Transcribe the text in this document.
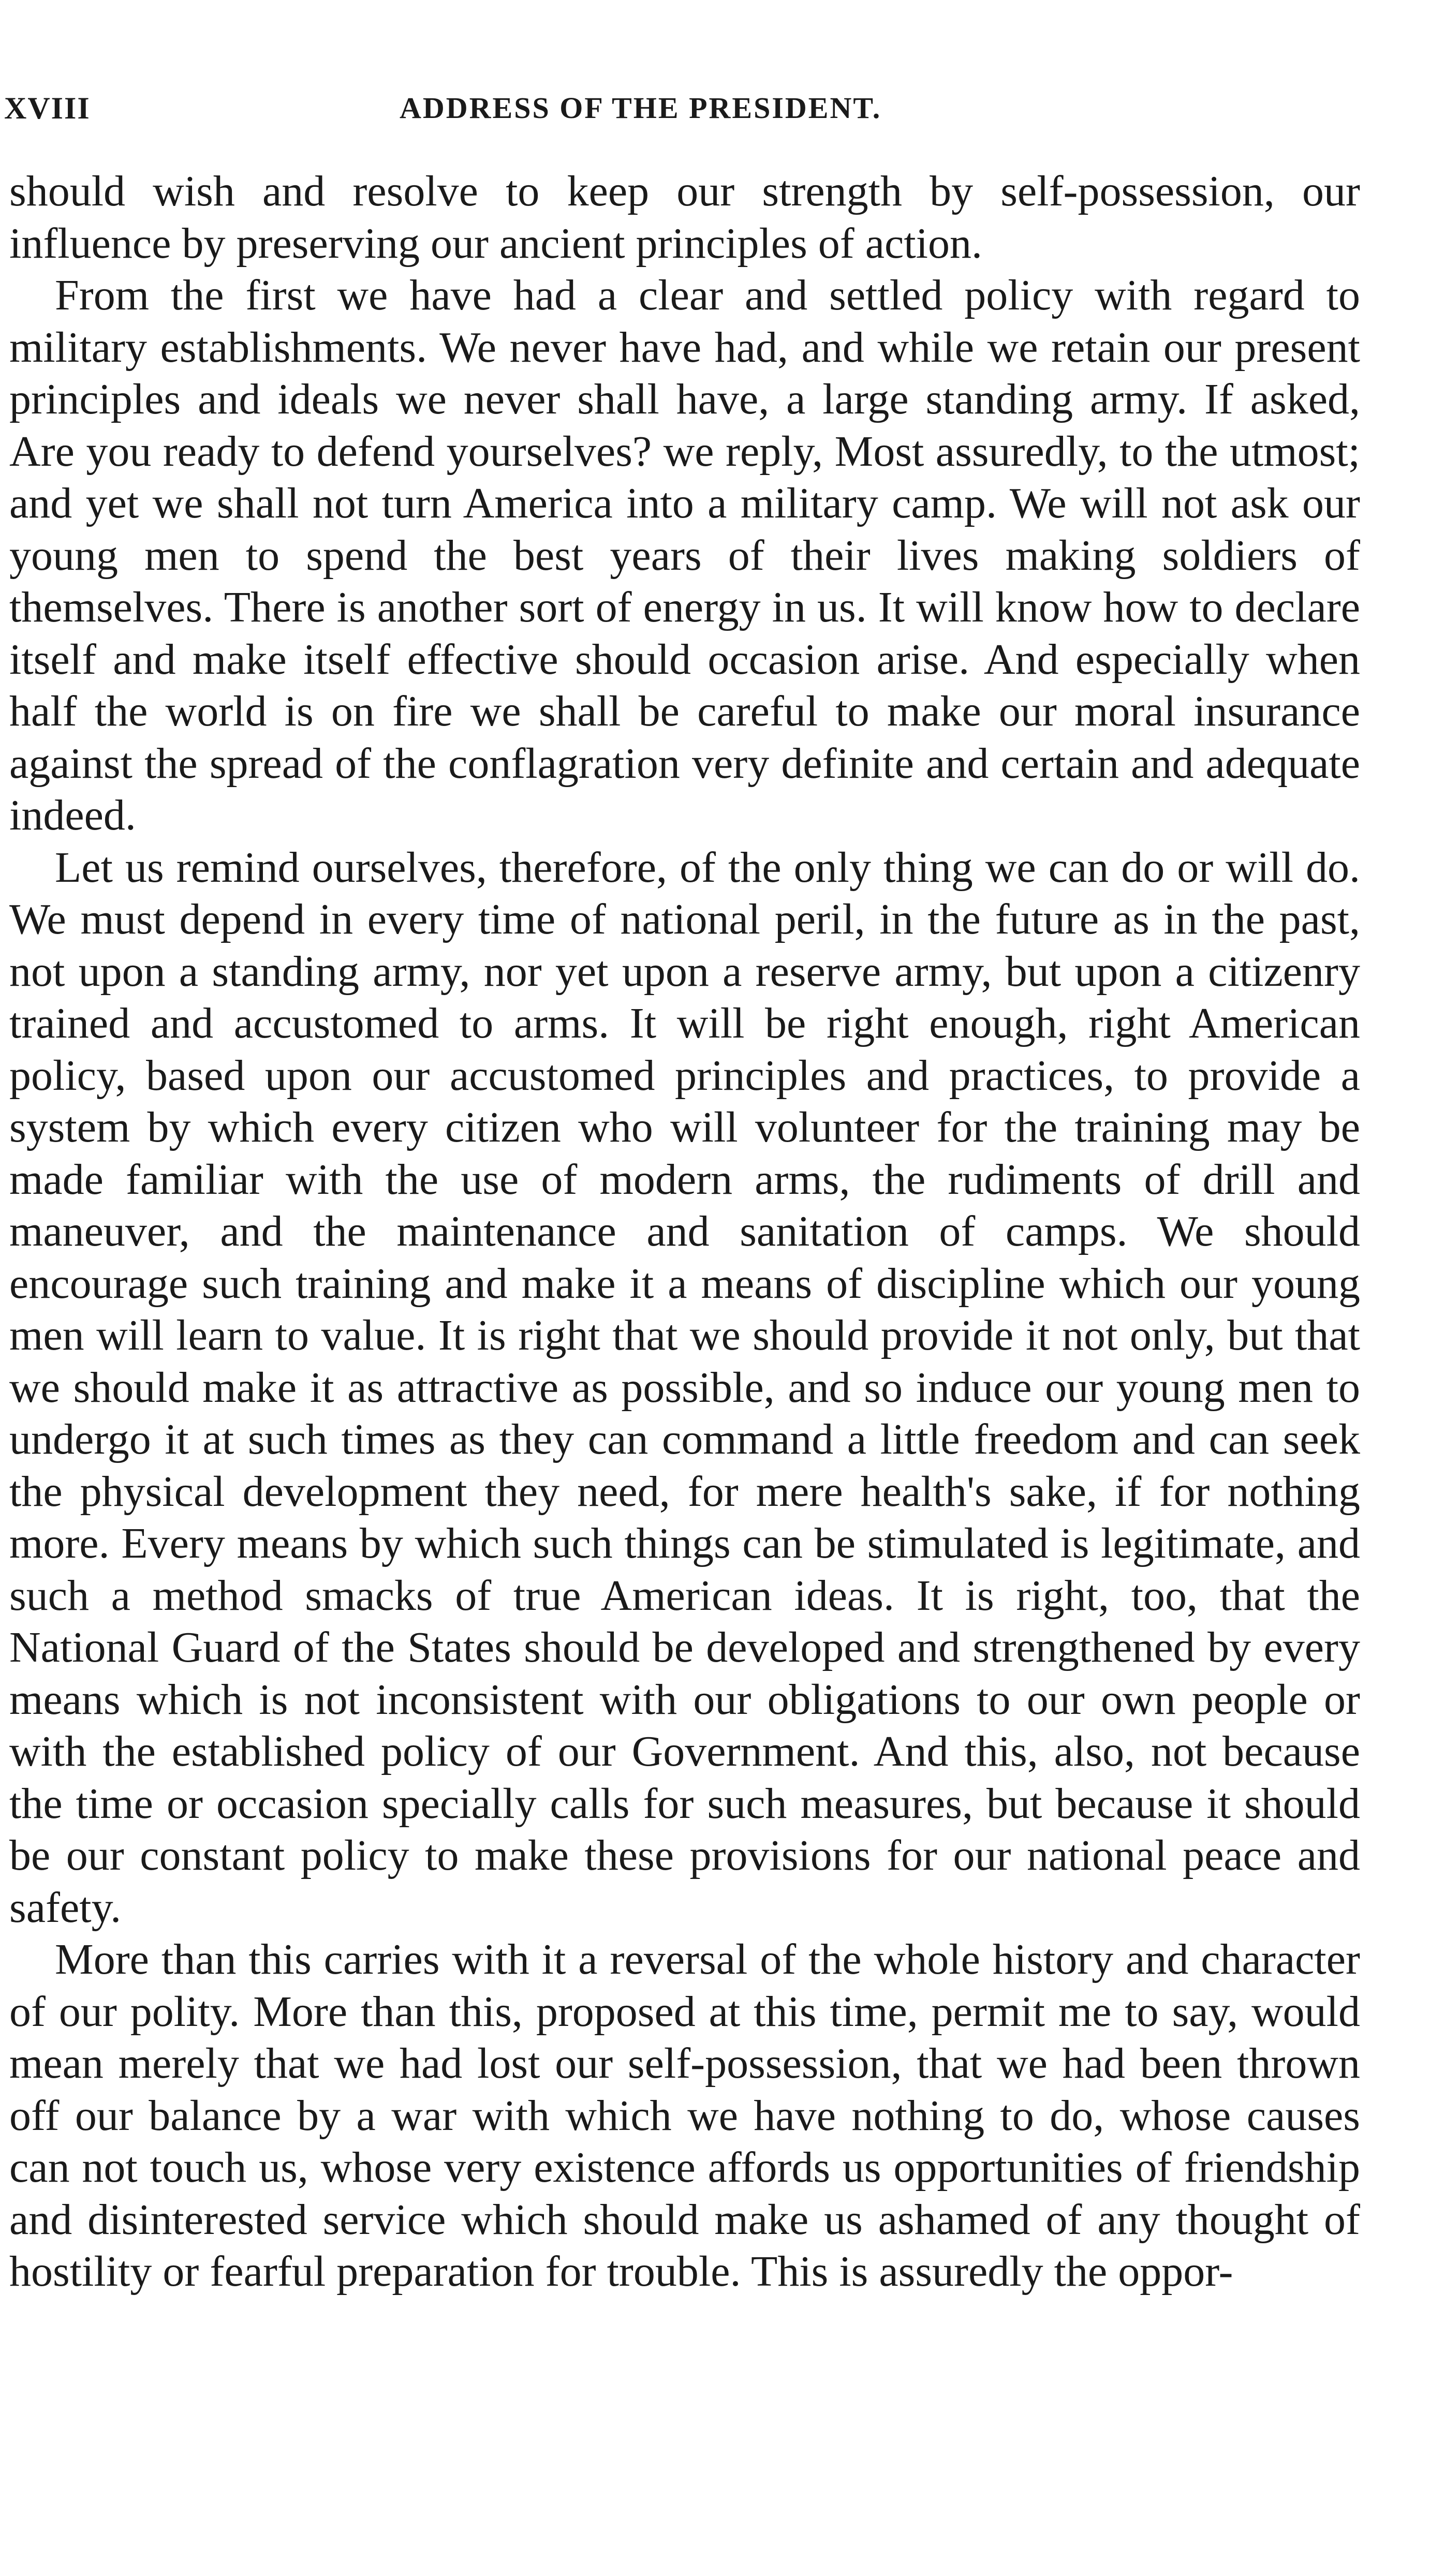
XVIII	ADDRESS OF THE PRESIDENT.

should wish and resolve to keep our strength by self-possession, our influence by preserving our ancient principles of action.

From the first we have had a clear and settled policy with regard to military establishments. We never have had, and while we retain our present principles and ideals we never shall have, a large standing army. If asked, Are you ready to defend yourselves? we reply, Most assuredly, to the utmost; and yet we shall not turn America into a military camp. We will not ask our young men to spend the best years of their lives making soldiers of themselves. There is another sort of energy in us. It will know how to declare itself and make itself effective should occasion arise. And especially when half the world is on fire we shall be careful to make our moral insurance against the spread of the conflagration very definite and certain and adequate indeed.

Let us remind ourselves, therefore, of the only thing we can do or will do. We must depend in every time of national peril, in the future as in the past, not upon a standing army, nor yet upon a reserve army, but upon a citizenry trained and accustomed to arms. It will be right enough, right American policy, based upon our accustomed principles and practices, to provide a system by which every citizen who will volunteer for the training may be made familiar with the use of modern arms, the rudiments of drill and maneuver, and the maintenance and sanitation of camps. We should encourage such training and make it a means of discipline which our young men will learn to value. It is right that we should provide it not only, but that we should make it as attractive as possible, and so induce our young men to undergo it at such times as they can command a little freedom and can seek the physical development they need, for mere health's sake, if for nothing more. Every means by which such things can be stimulated is legitimate, and such a method smacks of true American ideas. It is right, too, that the National Guard of the States should be developed and strengthened by every means which is not inconsistent with our obligations to our own people or with the established policy of our Government. And this, also, not because the time or occasion specially calls for such measures, but because it should be our constant policy to make these provisions for our national peace and safety.

More than this carries with it a reversal of the whole history and character of our polity. More than this, proposed at this time, permit me to say, would mean merely that we had lost our self-possession, that we had been thrown off our balance by a war with which we have nothing to do, whose causes can not touch us, whose very existence affords us opportunities of friendship and disinterested service which should make us ashamed of any thought of hostility or fearful preparation for trouble. This is assuredly the oppor-
